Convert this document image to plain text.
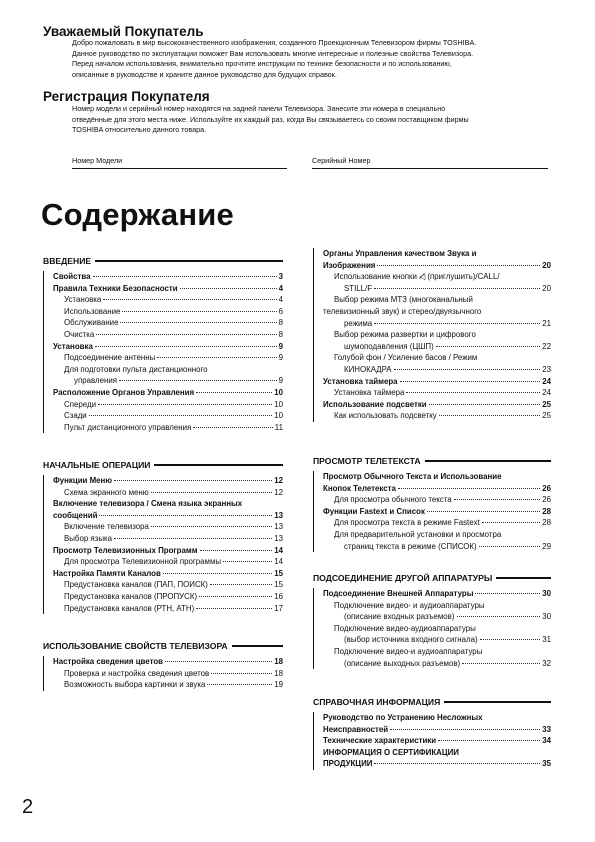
Уважаемый Покупатель
Добро пожаловать в мир высококачественного изображения, созданного Проекционным Телевизором фирмы TOSHIBA.
Данное руководство по эксплуатации поможет Вам использовать многие интересные и полезные свойства Телевизора.
Перед началом использования, внимательно прочтите инструкции по технике безопасности и по использованию,
описанные в руководстве и храните данное руководство для будущих справок.
Регистрация Покупателя
Номер модели и серийный номер находятся на задней панели Телевизора. Занесите эти номера в специально
отведённые для этого места ниже. Используйте их каждый раз, когда Вы связываетесь со своим поставщиком фирмы
TOSHIBA относительно данного товара.
Номер Модели	Серийный Номер
Содержание
ВВЕДЕНИЕ
Свойства	3
Правила Техники Безопасности	4
Установка	4
Использование	6
Обслуживание	8
Очистка	8
Установка	9
Подсоединение антенны	9
Для подготовки пульта дистанционного
управления	9
Расположение Органов Управления	10
Спереди	10
Сзади	10
Пульт дистанционного управления	11
НАЧАЛЬНЫЕ ОПЕРАЦИИ
Функции Меню	12
Схема экранного меню	12
Включение телевизора / Смена языка экранных
сообщений	13
Включение телевизора	13
Выбор языка	13
Просмотр Телевизионных Программ	14
Для просмотра Телевизионной программы	14
Настройка Памяти Каналов	15
Предустановка каналов (ПАП, ПОИСК)	15
Предустановка каналов (ПРОПУСК)	16
Предустановка каналов (РТН, АТН)	17
ИСПОЛЬЗОВАНИЕ СВОЙСТВ ТЕЛЕВИЗОРА
Настройка сведения цветов	18
Проверка и настройка сведения цветов	18
Возможность выбора картинки и звука	19
Органы Управления качеством Звука и
Изображения	20
Использование кнопки ◁̸ (приглушить)/CALL/
STILL/F	20
Выбор режима МТЗ (многоканальный
телевизионный звук) и стерео/двуязычного
режима	21
Выбор режима развертки и цифрового
шумоподавления (ЦШП)	22
Голубой фон / Усиление басов / Режим
КИНОКАДРА	23
Установка таймера	24
Установка таймера	24
Использование подсветки	25
Как использовать подсветку	25
ПРОСМОТР ТЕЛЕТЕКСТА
Просмотр Обычного Текста и Использование
Кнопок Телетекста	26
Для просмотра обычного текста	26
Функции Fastext и Список	28
Для просмотра текста в режиме Fastext	28
Для предварительной установки и просмотра
страниц текста в режиме (СПИСОК)	29
ПОДСОЕДИНЕНИЕ ДРУГОЙ АППАРАТУРЫ
Подсоединение Внешней Аппаратуры	30
Подключение видео- и аудиоаппаратуры
(описание входных разъемов)	30
Подключение видео-аудиоаппаратуры
(выбор источника входного сигнала)	31
Подключение видео-и аудиоаппаратуры
(описание выходных разъемов)	32
СПРАВОЧНАЯ ИНФОРМАЦИЯ
Руководство по Устранению Несложных
Неисправностей	33
Технические характеристики	34
ИНФОРМАЦИЯ О СЕРТИФИКАЦИИ
ПРОДУКЦИИ	35
2
